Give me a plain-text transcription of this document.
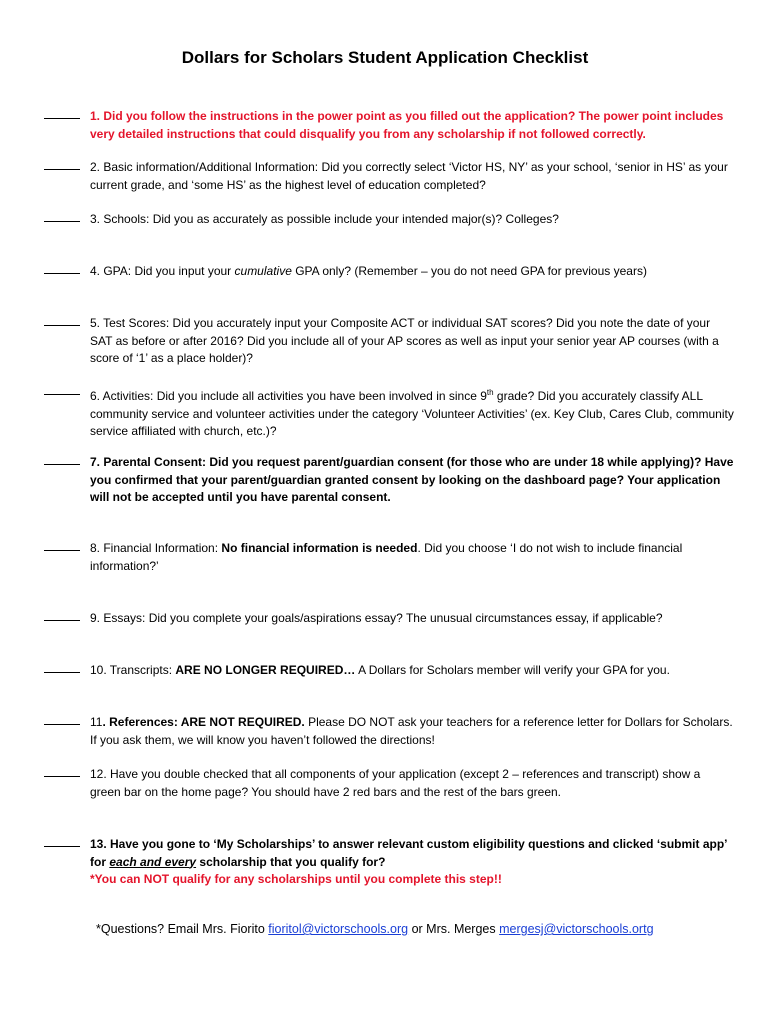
Dollars for Scholars Student Application Checklist
1. Did you follow the instructions in the power point as you filled out the application? The power point includes very detailed instructions that could disqualify you from any scholarship if not followed correctly.
2. Basic information/Additional Information: Did you correctly select ‘Victor HS, NY’ as your school, ‘senior in HS’ as your current grade, and ‘some HS’ as the highest level of education completed?
3. Schools: Did you as accurately as possible include your intended major(s)? Colleges?
4. GPA: Did you input your cumulative GPA only? (Remember – you do not need GPA for previous years)
5. Test Scores: Did you accurately input your Composite ACT or individual SAT scores? Did you note the date of your SAT as before or after 2016? Did you include all of your AP scores as well as input your senior year AP courses (with a score of ‘1’ as a place holder)?
6. Activities: Did you include all activities you have been involved in since 9th grade? Did you accurately classify ALL community service and volunteer activities under the category ‘Volunteer Activities’ (ex. Key Club, Cares Club, community service affiliated with church, etc.)?
7. Parental Consent: Did you request parent/guardian consent (for those who are under 18 while applying)? Have you confirmed that your parent/guardian granted consent by looking on the dashboard page? Your application will not be accepted until you have parental consent.
8. Financial Information: No financial information is needed. Did you choose ‘I do not wish to include financial information?’
9. Essays: Did you complete your goals/aspirations essay? The unusual circumstances essay, if applicable?
10. Transcripts: ARE NO LONGER REQUIRED… A Dollars for Scholars member will verify your GPA for you.
11. References: ARE NOT REQUIRED. Please DO NOT ask your teachers for a reference letter for Dollars for Scholars. If you ask them, we will know you haven’t followed the directions!
12. Have you double checked that all components of your application (except 2 – references and transcript) show a green bar on the home page? You should have 2 red bars and the rest of the bars green.
13. Have you gone to ‘My Scholarships’ to answer relevant custom eligibility questions and clicked ‘submit app’ for each and every scholarship that you qualify for?
*You can NOT qualify for any scholarships until you complete this step!!
*Questions? Email Mrs. Fiorito fioritol@victorschools.org or Mrs. Merges mergesj@victorschools.ortg
